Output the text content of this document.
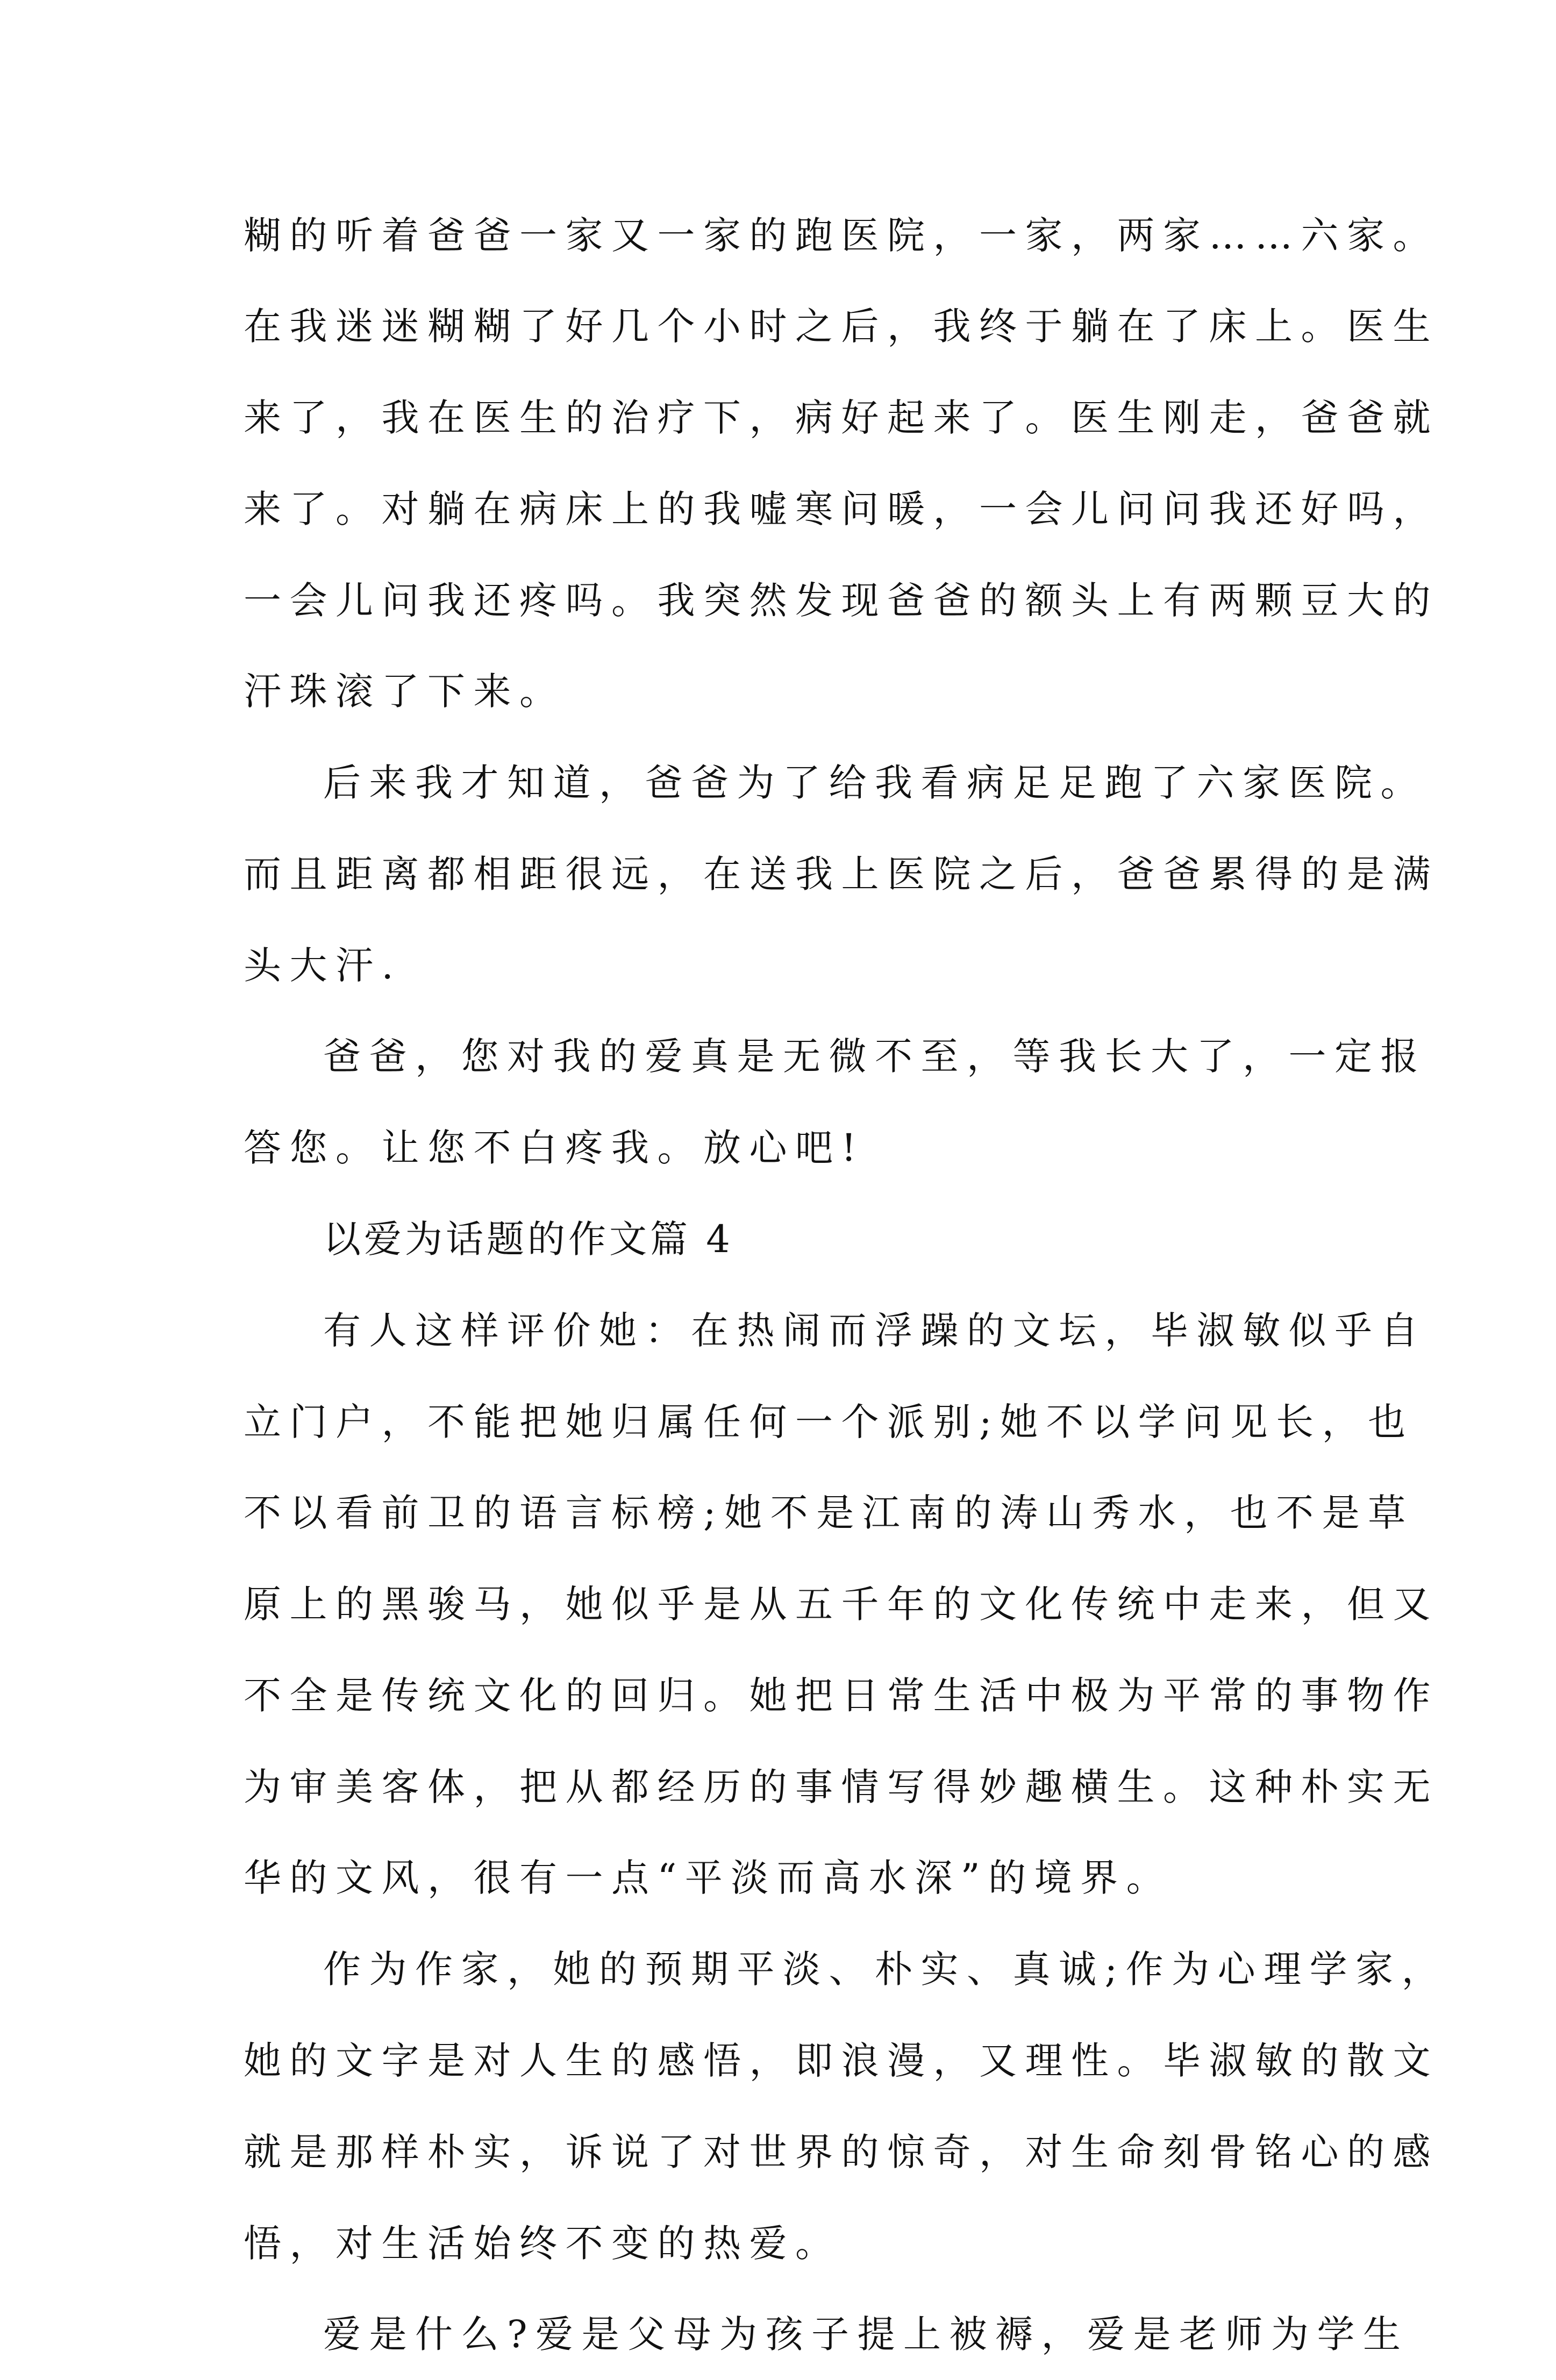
糊的听着爸爸一家又一家的跑医院，一家，两家……六家。
在我迷迷糊糊了好几个小时之后，我终于躺在了床上。医生
来了，我在医生的治疗下，病好起来了。医生刚走，爸爸就
来了。对躺在病床上的我嘘寒问暖，一会儿问问我还好吗，
一会儿问我还疼吗。我突然发现爸爸的额头上有两颗豆大的
汗珠滚了下来。
后来我才知道，爸爸为了给我看病足足跑了六家医院。
而且距离都相距很远，在送我上医院之后，爸爸累得的是满
头大汗.
爸爸，您对我的爱真是无微不至，等我长大了，一定报
答您。让您不白疼我。放心吧!
以爱为话题的作文篇 4
有人这样评价她：在热闹而浮躁的文坛，毕淑敏似乎自
立门户，不能把她归属任何一个派别;她不以学问见长，也
不以看前卫的语言标榜;她不是江南的涛山秀水，也不是草
原上的黑骏马，她似乎是从五千年的文化传统中走来，但又
不全是传统文化的回归。她把日常生活中极为平常的事物作
为审美客体，把从都经历的事情写得妙趣横生。这种朴实无
华的文风，很有一点“平淡而高水深”的境界。
作为作家，她的预期平淡、朴实、真诚;作为心理学家，
她的文字是对人生的感悟，即浪漫，又理性。毕淑敏的散文
就是那样朴实，诉说了对世界的惊奇，对生命刻骨铭心的感
悟，对生活始终不变的热爱。
爱是什么?爱是父母为孩子提上被褥，爱是老师为学生
